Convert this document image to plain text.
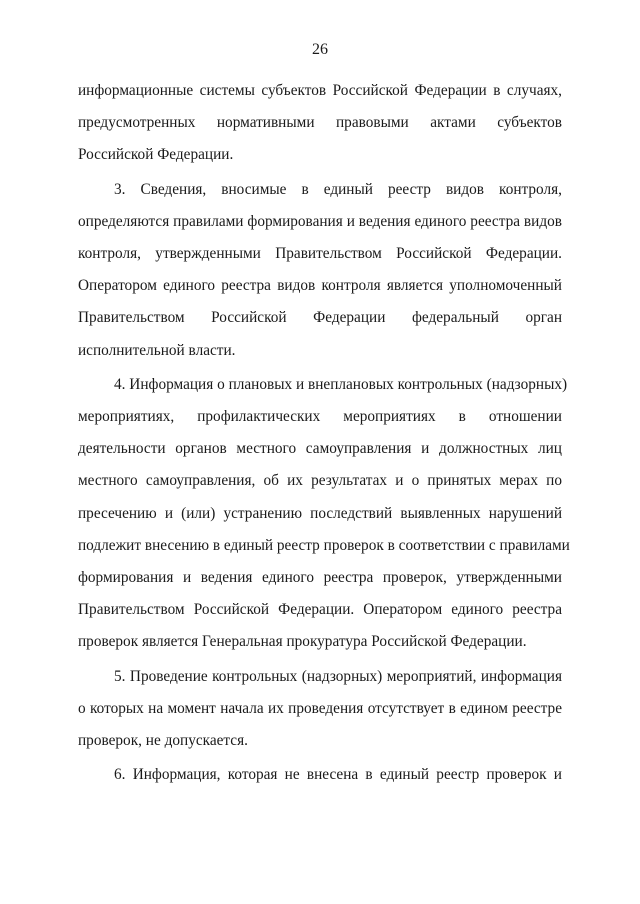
26
информационные системы субъектов Российской Федерации в случаях,
предусмотренных нормативными правовыми актами субъектов
Российской Федерации.
3. Сведения, вносимые в единый реестр видов контроля,
определяются правилами формирования и ведения единого реестра видов
контроля, утвержденными Правительством Российской Федерации.
Оператором единого реестра видов контроля является уполномоченный
Правительством Российской Федерации федеральный орган
исполнительной власти.
4. Информация о плановых и внеплановых контрольных (надзорных)
мероприятиях, профилактических мероприятиях в отношении
деятельности органов местного самоуправления и должностных лиц
местного самоуправления, об их результатах и о принятых мерах по
пресечению и (или) устранению последствий выявленных нарушений
подлежит внесению в единый реестр проверок в соответствии с правилами
формирования и ведения единого реестра проверок, утвержденными
Правительством Российской Федерации. Оператором единого реестра
проверок является Генеральная прокуратура Российской Федерации.
5. Проведение контрольных (надзорных) мероприятий, информация
о которых на момент начала их проведения отсутствует в едином реестре
проверок, не допускается.
6. Информация, которая не внесена в единый реестр проверок и
